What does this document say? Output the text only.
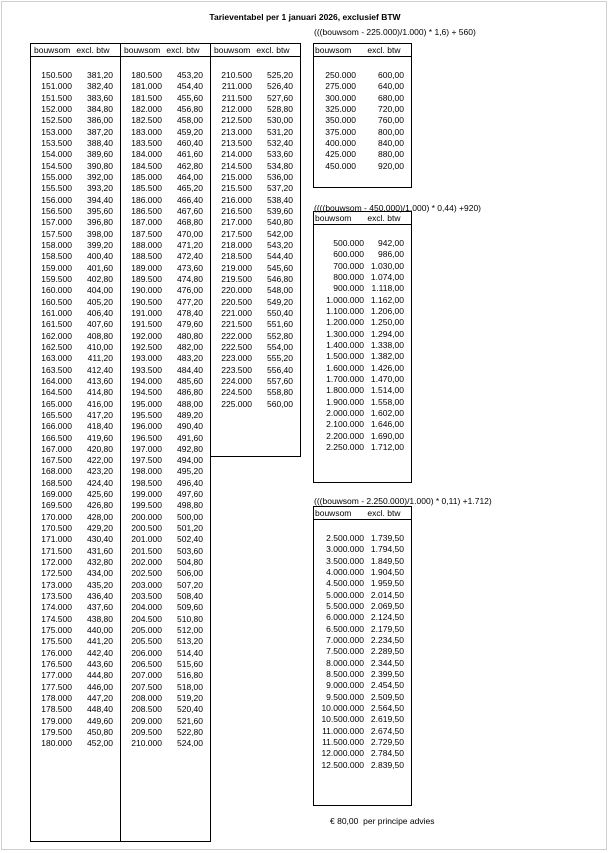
Tarieventabel per 1 januari 2026, exclusief BTW
(((bouwsom - 225.000)/1.000) * 1,6) + 560)
((((bouwsom - 450.000)/1.000) * 0,44) +920)
(((bouwsom - 2.250.000)/1.000) * 0,11) +1.712)
bouwsom excl. btw
150.500	381,20
151.000	382,40
151.500	383,60
152.000	384,80
152.500	386,00
153.000	387,20
153.500	388,40
154.000	389,60
154.500	390,80
155.000	392,00
155.500	393,20
156.000	394,40
156.500	395,60
157.000	396,80
157.500	398,00
158.000	399,20
158.500	400,40
159.000	401,60
159.500	402,80
160.000	404,00
160.500	405,20
161.000	406,40
161.500	407,60
162.000	408,80
162.500	410,00
163.000	411,20
163.500	412,40
164.000	413,60
164.500	414,80
165.000	416,00
165.500	417,20
166.000	418,40
166.500	419,60
167.000	420,80
167.500	422,00
168.000	423,20
168.500	424,40
169.000	425,60
169.500	426,80
170.000	428,00
170.500	429,20
171.000	430,40
171.500	431,60
172.000	432,80
172.500	434,00
173.000	435,20
173.500	436,40
174.000	437,60
174.500	438,80
175.000	440,00
175.500	441,20
176.000	442,40
176.500	443,60
177.000	444,80
177.500	446,00
178.000	447,20
178.500	448,40
179.000	449,60
179.500	450,80
180.000	452,00
bouwsom excl. btw
180.500	453,20
181.000	454,40
181.500	455,60
182.000	456,80
182.500	458,00
183.000	459,20
183.500	460,40
184.000	461,60
184.500	462,80
185.000	464,00
185.500	465,20
186.000	466,40
186.500	467,60
187.000	468,80
187.500	470,00
188.000	471,20
188.500	472,40
189.000	473,60
189.500	474,80
190.000	476,00
190.500	477,20
191.000	478,40
191.500	479,60
192.000	480,80
192.500	482,00
193.000	483,20
193.500	484,40
194.000	485,60
194.500	486,80
195.000	488,00
195.500	489,20
196.000	490,40
196.500	491,60
197.000	492,80
197.500	494,00
198.000	495,20
198.500	496,40
199.000	497,60
199.500	498,80
200.000	500,00
200.500	501,20
201.000	502,40
201.500	503,60
202.000	504,80
202.500	506,00
203.000	507,20
203.500	508,40
204.000	509,60
204.500	510,80
205.000	512,00
205.500	513,20
206.000	514,40
206.500	515,60
207.000	516,80
207.500	518,00
208.000	519,20
208.500	520,40
209.000	521,60
209.500	522,80
210.000	524,00
bouwsom excl. btw
210.500	525,20
211.000	526,40
211.500	527,60
212.000	528,80
212.500	530,00
213.000	531,20
213.500	532,40
214.000	533,60
214.500	534,80
215.000	536,00
215.500	537,20
216.000	538,40
216.500	539,60
217.000	540,80
217.500	542,00
218.000	543,20
218.500	544,40
219.000	545,60
219.500	546,80
220.000	548,00
220.500	549,20
221.000	550,40
221.500	551,60
222.000	552,80
222.500	554,00
223.000	555,20
223.500	556,40
224.000	557,60
224.500	558,80
225.000	560,00
bouwsom	excl. btw
250.000	600,00
275.000	640,00
300.000	680,00
325.000	720,00
350.000	760,00
375.000	800,00
400.000	840,00
425.000	880,00
450.000	920,00
bouwsom	excl. btw
500.000	942,00
600.000	986,00
700.000 1.030,00
800.000 1.074,00
900.000 1.118,00
1.000.000 1.162,00
1.100.000 1.206,00
1.200.000 1.250,00
1.300.000 1.294,00
1.400.000 1.338,00
1.500.000 1.382,00
1.600.000 1.426,00
1.700.000 1.470,00
1.800.000 1.514,00
1.900.000 1.558,00
2.000.000 1.602,00
2.100.000 1.646,00
2.200.000 1.690,00
2.250.000 1.712,00
bouwsom	excl. btw
2.500.000 1.739,50
3.000.000 1.794,50
3.500.000 1.849,50
4.000.000 1.904,50
4.500.000 1.959,50
5.000.000 2.014,50
5.500.000 2.069,50
6.000.000 2.124,50
6.500.000 2.179,50
7.000.000 2.234,50
7.500.000 2.289,50
8.000.000 2.344,50
8.500.000 2.399,50
9.000.000 2.454,50
9.500.000 2.509,50
10.000.000 2.564,50
10.500.000 2.619,50
11.000.000 2.674,50
11.500.000 2.729,50
12.000.000 2.784,50
12.500.000 2.839,50
€ 80,00 per principe advies
